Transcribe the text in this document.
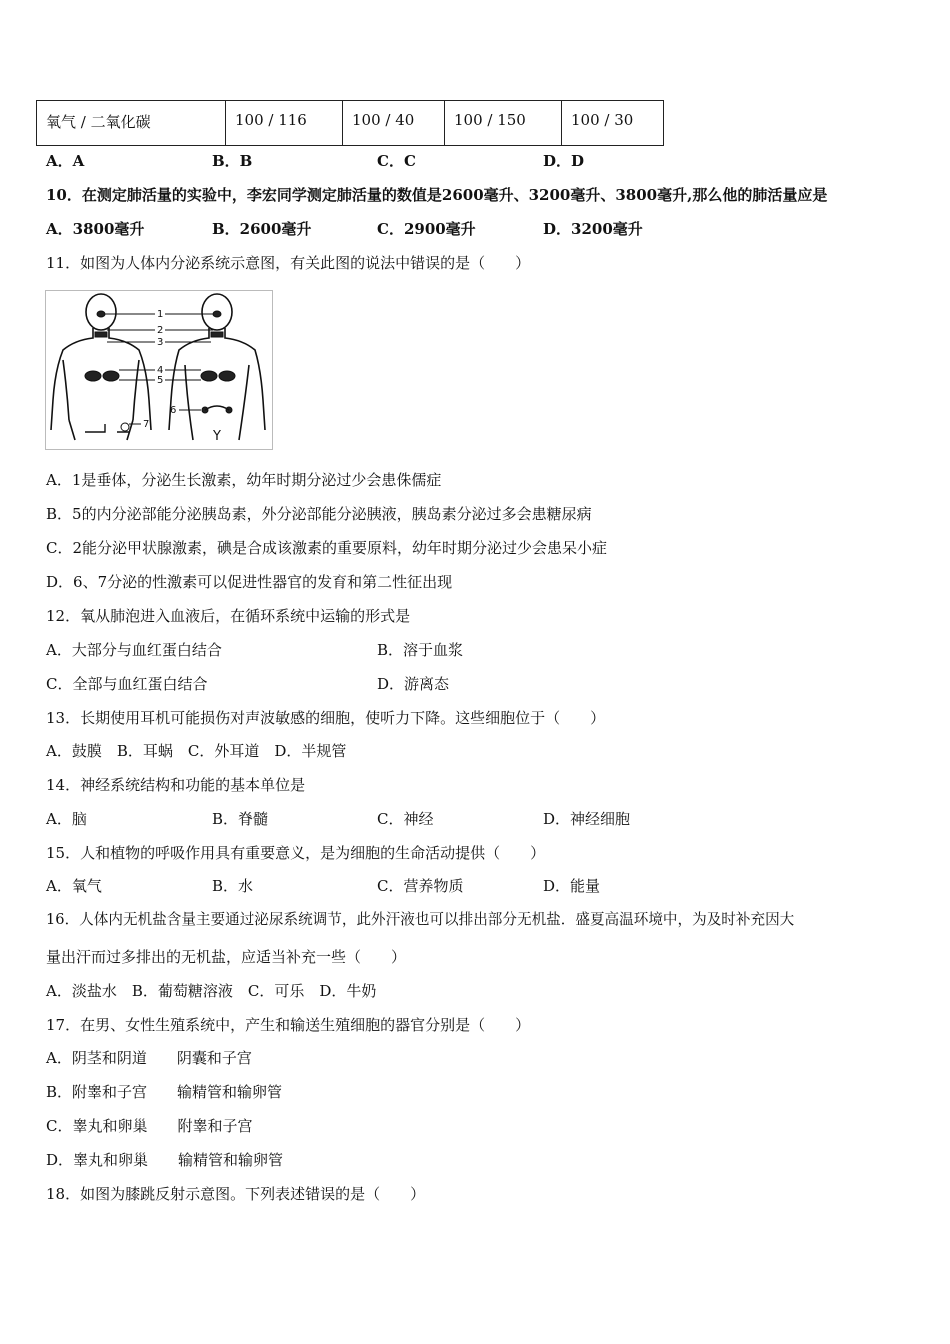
氧气 / 二氧化碳	100 / 116	100 / 40	100 / 150	100 / 30
A．A	B．B	C．C	D．D
10．在测定肺活量的实验中，李宏同学测定肺活量的数值是2600毫升、3200毫升、3800毫升,那么他的肺活量应是
A．3800毫升	B．2600毫升	C．2900毫升	D．3200毫升
11．如图为人体内分泌系统示意图，有关此图的说法中错误的是（　　）
1
2
3
4
5
6
7
Y
A．1是垂体，分泌生长激素，幼年时期分泌过少会患侏儒症
B．5的内分泌部能分泌胰岛素，外分泌部能分泌胰液，胰岛素分泌过多会患糖尿病
C．2能分泌甲状腺激素，碘是合成该激素的重要原料，幼年时期分泌过少会患呆小症
D．6、7分泌的性激素可以促进性器官的发育和第二性征出现
12．氧从肺泡进入血液后，在循环系统中运输的形式是
A．大部分与血红蛋白结合	B．溶于血浆
C．全部与血红蛋白结合	D．游离态
13．长期使用耳机可能损伤对声波敏感的细胞，使听力下降。这些细胞位于（　　）
A．鼓膜　B．耳蜗　C．外耳道　D．半规管
14．神经系统结构和功能的基本单位是
A．脑	B．脊髓	C．神经	D．神经细胞
15．人和植物的呼吸作用具有重要意义，是为细胞的生命活动提供（　　）
A．氧气	B．水	C．营养物质	D．能量
16．人体内无机盐含量主要通过泌尿系统调节，此外汗液也可以排出部分无机盐．盛夏高温环境中，为及时补充因大
量出汗而过多排出的无机盐，应适当补充一些（　　）
A．淡盐水　B．葡萄糖溶液　C．可乐　D．牛奶
17．在男、女性生殖系统中，产生和输送生殖细胞的器官分别是（　　）
A．阴茎和阴道　　阴囊和子宫
B．附睾和子宫　　输精管和输卵管
C．睾丸和卵巢　　附睾和子宫
D．睾丸和卵巢　　输精管和输卵管
18．如图为膝跳反射示意图。下列表述错误的是（　　）
